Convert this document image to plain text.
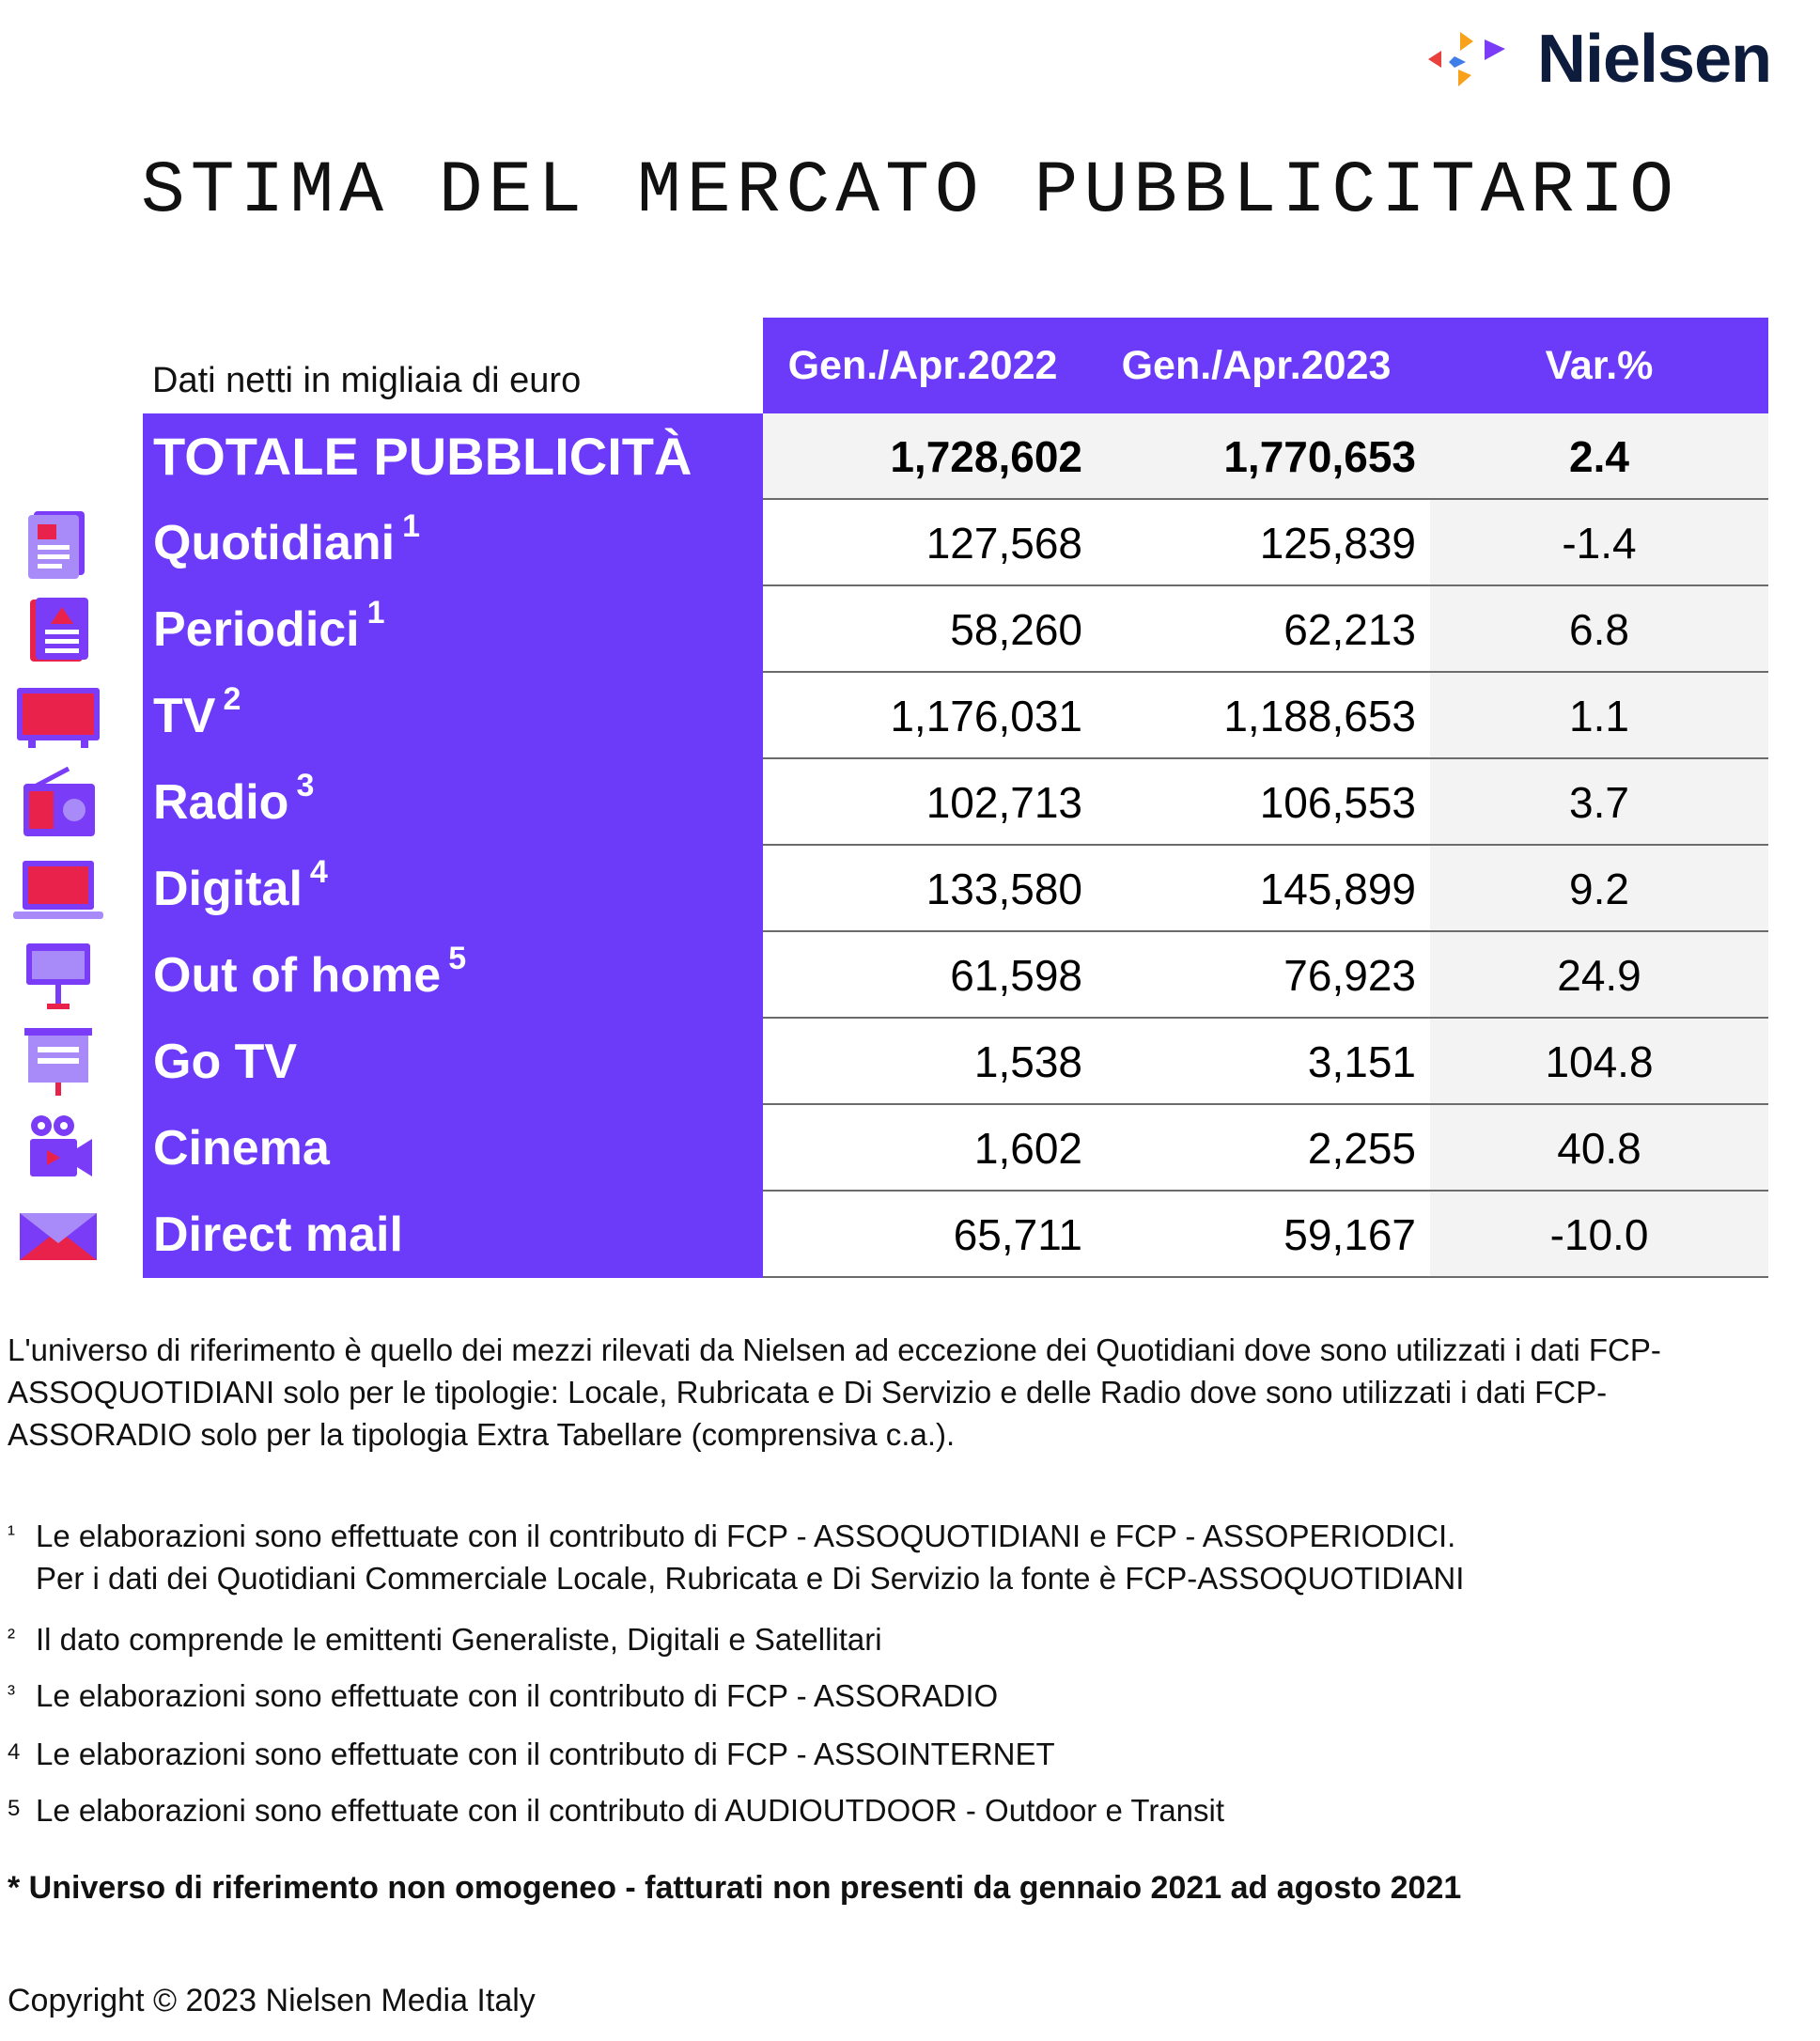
Nielsen
STIMA DEL MERCATO PUBBLICITARIO
Dati netti in migliaia di euro	Gen./Apr.2022	Gen./Apr.2023	Var.%
TOTALE PUBBLICITÀ	1,728,602	1,770,653	2.4
Quotidiani $^1$	127,568	125,839	-1.4
Periodici $^1$	58,260	62,213	6.8
TV $^2$	1,176,031	1,188,653	1.1
Radio $^3$	102,713	106,553	3.7
Digital $^4$	133,580	145,899	9.2
Out of home $^5$	61,598	76,923	24.9
Go TV	1,538	3,151	104.8
Cinema	1,602	2,255	40.8
Direct mail	65,711	59,167	-10.0
L'universo di riferimento è quello dei mezzi rilevati da Nielsen ad eccezione dei Quotidiani dove sono utilizzati i dati FCP-
ASSOQUOTIDIANI solo per le tipologie: Locale, Rubricata e Di Servizio e delle Radio dove sono utilizzati i dati FCP-
ASSORADIO solo per la tipologia Extra Tabellare (comprensiva c.a.).
¹ Le elaborazioni sono effettuate con il contributo di FCP - ASSOQUOTIDIANI e FCP - ASSOPERIODICI.
Per i dati dei Quotidiani Commerciale Locale, Rubricata e Di Servizio la fonte è FCP-ASSOQUOTIDIANI
² Il dato comprende le emittenti Generaliste, Digitali e Satellitari
³ Le elaborazioni sono effettuate con il contributo di FCP - ASSORADIO
4 Le elaborazioni sono effettuate con il contributo di FCP - ASSOINTERNET
5 Le elaborazioni sono effettuate con il contributo di AUDIOUTDOOR - Outdoor e Transit
* Universo di riferimento non omogeneo - fatturati non presenti da gennaio 2021 ad agosto 2021
Copyright © 2023 Nielsen Media Italy
